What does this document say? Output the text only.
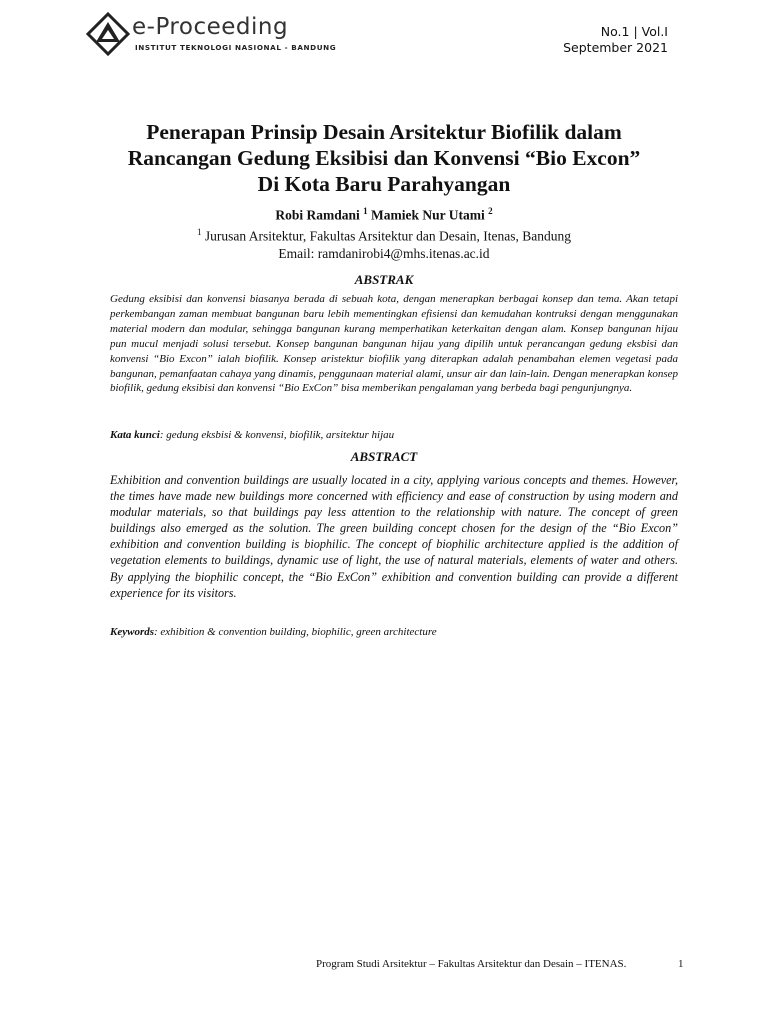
e-Proceeding
INSTITUT TEKNOLOGI NASIONAL - BANDUNG
No.1 | Vol.I
September 2021
Penerapan Prinsip Desain Arsitektur Biofilik dalam
Rancangan Gedung Eksibisi dan Konvensi “Bio Excon”
Di Kota Baru Parahyangan
Robi Ramdani $^1$ Mamiek Nur Utami $^2$
$^1$ Jurusan Arsitektur, Fakultas Arsitektur dan Desain, Itenas, Bandung
Email: ramdanirobi4@mhs.itenas.ac.id
ABSTRAK
Gedung eksibisi dan konvensi biasanya berada di sebuah kota, dengan menerapkan berbagai konsep dan tema. Akan tetapi perkembangan zaman membuat bangunan baru lebih mementingkan efisiensi dan kemudahan kontruksi dengan menggunakan material modern dan modular, sehingga bangunan kurang memperhatikan keterkaitan dengan alam. Konsep bangunan hijau pun mucul menjadi solusi tersebut. Konsep bangunan bangunan hijau yang dipilih untuk perancangan gedung eksbisi dan konvensi “Bio Excon” ialah biofilik. Konsep aristektur biofilik yang diterapkan adalah penambahan elemen vegetasi pada bangunan, pemanfaatan cahaya yang dinamis, penggunaan material alami, unsur air dan lain-lain. Dengan menerapkan konsep biofilik, gedung eksibisi dan konvensi “Bio ExCon” bisa memberikan pengalaman yang berbeda bagi pengunjungnya.
Kata kunci: gedung eksbisi & konvensi, biofilik, arsitektur hijau
ABSTRACT
Exhibition and convention buildings are usually located in a city, applying various concepts and themes. However, the times have made new buildings more concerned with efficiency and ease of construction by using modern and modular materials, so that buildings pay less attention to the relationship with nature. The concept of green buildings also emerged as the solution. The green building concept chosen for the design of the “Bio Excon” exhibition and convention building is biophilic. The concept of biophilic architecture applied is the addition of vegetation elements to buildings, dynamic use of light, the use of natural materials, elements of water and others. By applying the biophilic concept, the “Bio ExCon” exhibition and convention building can provide a different experience for its visitors.
Keywords: exhibition & convention building, biophilic, green architecture
Program Studi Arsitektur – Fakultas Arsitektur dan Desain – ITENAS.	1
